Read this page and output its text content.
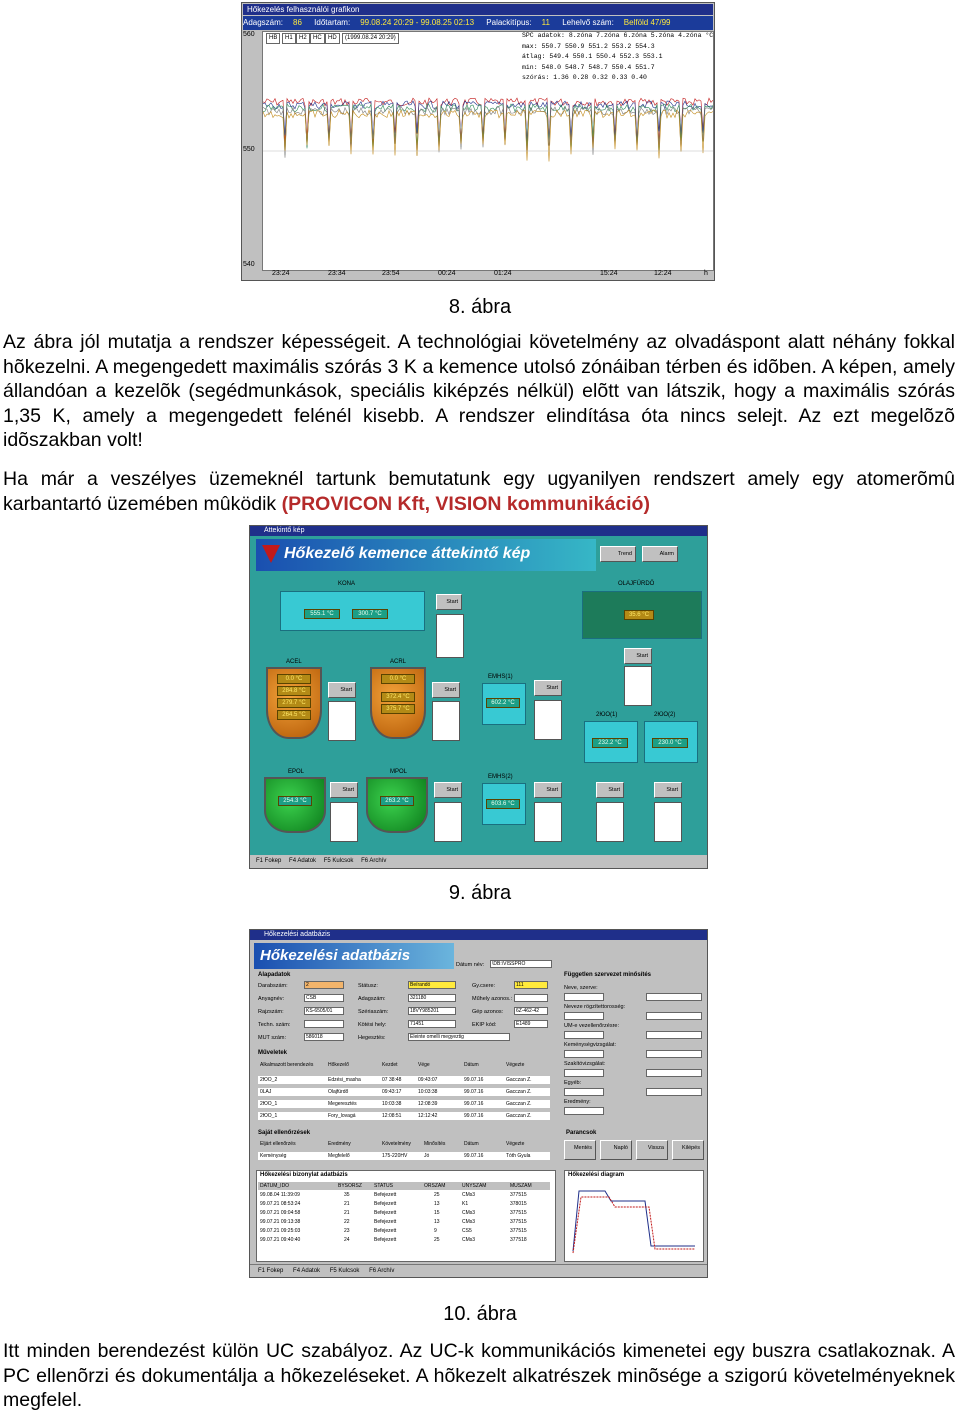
Hőkezelés felhasználói grafikon
Adagszám: 86 Időtartam: 99.08.24 20:29 - 99.08.25 02:13 Palackitípus: 11 Lehelvő szám: Belföld 47/99
HB	H1	H2	HC	HD	(1999.08.24 20:29)	SPC adatok: 8.zóna 7.zóna 6.zóna 5.zóna 4.zóna °C
max: 550.7 550.9 551.2 553.2 554.3
átlag: 549.4 550.1 550.4 552.3 553.1
min: 548.0 548.7 548.7 550.4 551.7
szórás: 1.36 0.28 0.32 0.33 0.40
560
550
540
23:24	23:34	23:54	00:24	01:24	15:24	12:24	h
8. ábra
Az ábra jól mutatja a rendszer képességeit. A technológiai követelmény az olvadáspont alatt néhány fokkal hõkezelni. A megengedett maximális szórás 3 K a kemence utolsó zónáiban térben és idõben. A képen, amely állandóan a kezelõk (segédmunkások, speciális kiképzés nélkül) elõtt van látszik, hogy a maximális szórás 1,35 K, amely a megengedett felénél kisebb. A rendszer elindítása óta nincs selejt. Az ezt megelõzõ idõszakban volt!
Ha már a veszélyes üzemeknél tartunk bemutatunk egy ugyanilyen rendszert amely egy atomerõmû karbantartó üzemében mûködik (PROVICON Kft, VISION kommunikáció)
Áttekintő kép
Hőkezelő kemence áttekintő kép	Trend	Alarm
KONA
555.1 °C	300.7 °C
Start
OLAJFÜRDŐ
35.6 °C
Start
ACEL
0.0 °C
284.8 °C
279.7 °C
264.5 °C
Start
ACRL
0.0 °C
372.4 °C
375.7 °C
Start
EMHS(1)
602.2 °C
Start
2ЮО(1)	2ЮО(2)
232.2 °C	230.0 °C
EPOL
254.3 °C
Start
MPOL
263.2 °C
Start
EMHS(2)
603.6 °C
Start	Start	Start
F1 Fokep F4 Adatok F5 Kulcsok F6 Archív
9. ábra
Hőkezelési adatbázis
Hőkezelési adatbázis
Dátum név:	\DB:\VISSPRO
Alapadatok
Darabszám:	2
Anyagnév:	CSB
Rajzszám:	KS-6505/01
Techn. szám:
MUT szám:	586018
Státusz:	Beírandó
Adagszám:	321180
Szériaszám:	18VY985201
Kötési hely:	71451
Hegesztés:	Eleinte omelli megyeztig
Gy.csere:	111
Műhely azonos.:
Gép azonos:	6Z-462-42
EKIP kód:	E1489
Műveletek
Alkalmazott berendezés	Hőkezelő	Kezdet	Vége	Dátum	Végezte
2ЮО_2	Edzési_masha	07 38:48	09:43:07	99.07.16	Gacczan Z.
0LAJ	Olajfürdő	09:43:17	10:03:38	99.07.16	Gacczan Z.
2ЮО_1	Megeresztés	10:03:38	12:08:39	99.07.16	Gacczan Z.
2ЮО_1	Fory_lovagá	12:08:51	12:12:42	99.07.16	Gacczan Z.
Saját ellenőrzések
Eljárt ellenőrzés	Eredmény	Követelmény	Minősítés	Dátum	Végezte
Keménység	Megfelelő	175-220HV	Jó	99.07.16	Tóth Gyula
Független szervezet minősítés
Neve, szerve:
Neveze rögzítettorosség:
UM-e vezellenőrzésre:
Keménységvizsgálat:
Szakítóvizsgálat:
Egyéb:
Eredmény:
Parancsok
Mentés	Napló	Vissza	Kilépés
Hőkezelési bizonylat adatbázis
DATUM_IDO	BYSORSZ STATUS	ORSZAM	UNYSZAM	MUSZAM
99.08.04 11:39:09	35	Befejezett	25	CMs3	377515
99.07.21 08:53:24	21	Befejezett	13	K1	378015
99.07.21 09:04:58	21	Befejezett	15	CMs3	377515
99.07.21 09:13:38	22	Befejezett	13	CMs3	377515
99.07.21 09:25:03	23	Befejezett	9	CS5	377515
99.07.21 09:40:40	24	Befejezett	25	CMs3	377518
Hőkezelési diagram
F1 Fokep F4 Adatok F5 Kulcsok F6 Archív
10. ábra
Itt minden berendezést külön UC szabályoz. Az UC-k kommunikációs kimenetei egy buszra csatlakoznak. A PC ellenõrzi és dokumentálja a hõkezeléseket. A hõkezelt alkatrészek minõsége a szigorú követelményeknek megfelel.
